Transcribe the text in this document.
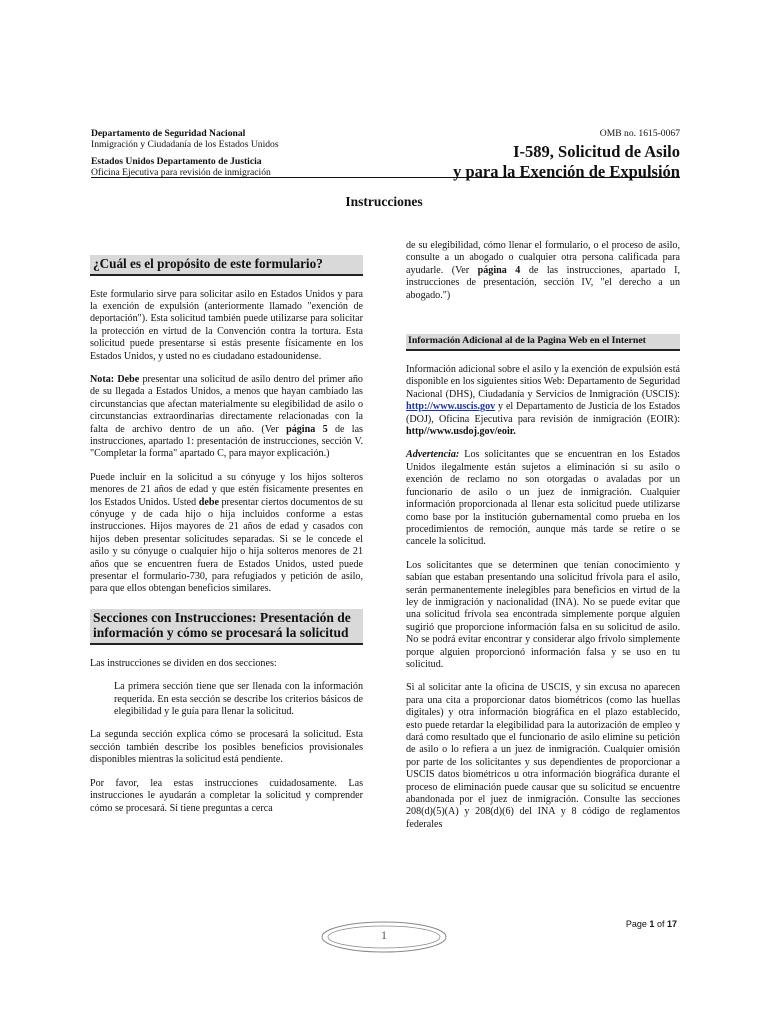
Departamento de Seguridad Nacional
Inmigración y Ciudadanía de los Estados Unidos
Estados Unidos Departamento de Justicia
Oficina Ejecutiva para revisión de inmigración
OMB no. 1615-0067
I-589, Solicitud de Asilo
y para la Exención de Expulsión
Instrucciones
¿Cuál es el propósito de este formulario?

Este formulario sirve para solicitar asilo en Estados Unidos y para la exención de expulsión (anteriormente llamado "exención de deportación"). Esta solicitud también puede utilizarse para solicitar la protección en virtud de la Convención contra la tortura. Esta solicitud puede presentarse si estás presente físicamente en los Estados Unidos, y usted no es ciudadano estadounidense.

Nota: Debe presentar una solicitud de asilo dentro del primer año de su llegada a Estados Unidos, a menos que hayan cambiado las circunstancias que afectan materialmente su elegibilidad de asilo o circunstancias extraordinarias directamente relacionadas con la falta de archivo dentro de un año. (Ver página 5 de las instrucciones, apartado 1: presentación de instrucciones, sección V. "Completar la forma" apartado C, para mayor explicación.)

Puede incluir en la solicitud a su cónyuge y los hijos solteros menores de 21 años de edad y que estén físicamente presentes en los Estados Unidos. Usted debe presentar ciertos documentos de su cónyuge y de cada hijo o hija incluidos conforme a estas instrucciones. Hijos mayores de 21 años de edad y casados con hijos deben presentar solicitudes separadas. Si se le concede el asilo y su cónyuge o cualquier hijo o hija solteros menores de 21 años que se encuentren fuera de Estados Unidos, usted puede presentar el formulario-730, para refugiados y petición de asilo, para que ellos obtengan beneficios similares.

Secciones con Instrucciones: Presentación de información y cómo se procesará la solicitud

Las instrucciones se dividen en dos secciones:

La primera sección tiene que ser llenada con la información requerida. En esta sección se describe los criterios básicos de elegibilidad y le guía para llenar la solicitud.

La segunda sección explica cómo se procesará la solicitud. Esta sección también describe los posibles beneficios provisionales disponibles mientras la solicitud está pendiente.

Por favor, lea estas instrucciones cuidadosamente. Las instrucciones le ayudarán a completar la solicitud y comprender cómo se procesará. Si tiene preguntas a cerca

de su elegibilidad, cómo llenar el formulario, o el proceso de asilo, consulte a un abogado o cualquier otra persona calificada para ayudarle. (Ver página 4 de las instrucciones, apartado I, instrucciones de presentación, sección IV, "el derecho a un abogado.")

Información Adicional al de la Pagina Web en el Internet

Información adicional sobre el asilo y la exención de expulsión está disponible en los siguientes sitios Web: Departamento de Seguridad Nacional (DHS), Ciudadanía y Servicios de Inmigración (USCIS): http://www.uscis.gov y el Departamento de Justicia de los Estados (DOJ), Oficina Ejecutiva para revisión de inmigración (EOIR): http//www.usdoj.gov/eoir.

Advertencia: Los solicitantes que se encuentran en los Estados Unidos ilegalmente están sujetos a eliminación si su asilo o exención de reclamo no son otorgadas o avaladas por un funcionario de asilo o un juez de inmigración. Cualquier información proporcionada al llenar esta solicitud puede utilizarse como base por la institución gubernamental como prueba en los procedimientos de remoción, aunque más tarde se retire o se cancele la solicitud.

Los solicitantes que se determinen que tenían conocimiento y sabían que estaban presentando una solicitud frívola para el asilo, serán permanentemente inelegibles para beneficios en virtud de la ley de inmigración y nacionalidad (INA). No se puede evitar que una solicitud frívola sea encontrada simplemente porque alguien sugirió que proporcione información falsa en su solicitud de asilo. No se podrá evitar encontrar y considerar algo frívolo simplemente porque alguien proporcionó información falsa y se uso en tu solicitud.

Si al solicitar ante la oficina de USCIS, y sin excusa no aparecen para una cita a proporcionar datos biométricos (como las huellas digitales) y otra información biográfica en el plazo establecido, esto puede retardar la elegibilidad para la autorización de empleo y dará como resultado que el funcionario de asilo elimine su petición de asilo o lo refiera a un juez de inmigración. Cualquier omisión por parte de los solicitantes y sus dependientes de proporcionar a USCIS datos biométricos u otra información biográfica durante el proceso de eliminación puede causar que su solicitud se encuentre abandonada por el juez de inmigración. Consulte las secciones 208(d)(5)(A) y 208(d)(6) del INA y 8 código de reglamentos federales

Page 1 of 17
1
